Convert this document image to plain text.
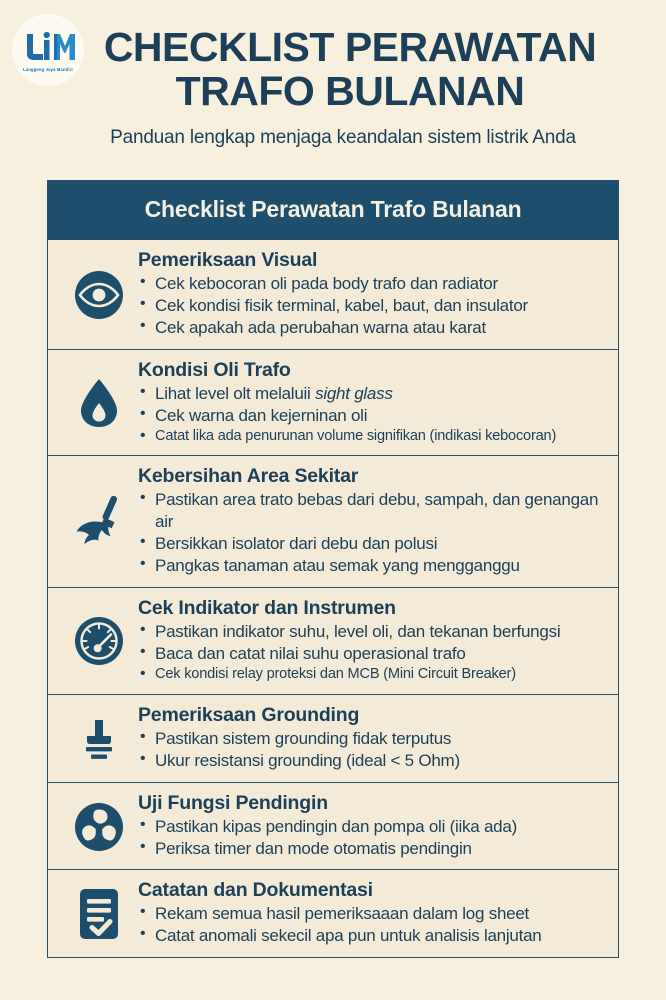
Langgeng Jaya Mandiri CHECKLIST PERAWATAN
TRAFO BULANAN
Panduan lengkap menjaga keandalan sistem listrik Anda
Checklist Perawatan Trafo Bulanan
Pemeriksaan Visual
• Cek kebocoran oli pada body trafo dan radiator
• Cek kondisi fisik terminal, kabel, baut, dan insulator
• Cek apakah ada perubahan warna atau karat
Kondisi Oli Trafo
• Lihat level olt melaluii sight glass
• Cek warna dan kejerninan oli
• Catat lika ada penurunan volume signifikan (indikasi kebocoran)
Kebersihan Area Sekitar
• Pastikan area trato bebas dari debu, sampah, dan genangan air
• Bersikkan isolator dari debu dan polusi
• Pangkas tanaman atau semak yang mengganggu
Cek Indikator dan Instrumen
• Pastikan indikator suhu, level oli, dan tekanan berfungsi
• Baca dan catat nilai suhu operasional trafo
• Cek kondisi relay proteksi dan MCB (Mini Circuit Breaker)
Pemeriksaan Grounding
• Pastikan sistem grounding fidak terputus
• Ukur resistansi grounding (ideal < 5 Ohm)
Uji Fungsi Pendingin
• Pastikan kipas pendingin dan pompa oli (iika ada)
• Periksa timer dan mode otomatis pendingin
Catatan dan Dokumentasi
• Rekam semua hasil pemeriksaaan dalam log sheet
• Catat anomali sekecil apa pun untuk analisis lanjutan
